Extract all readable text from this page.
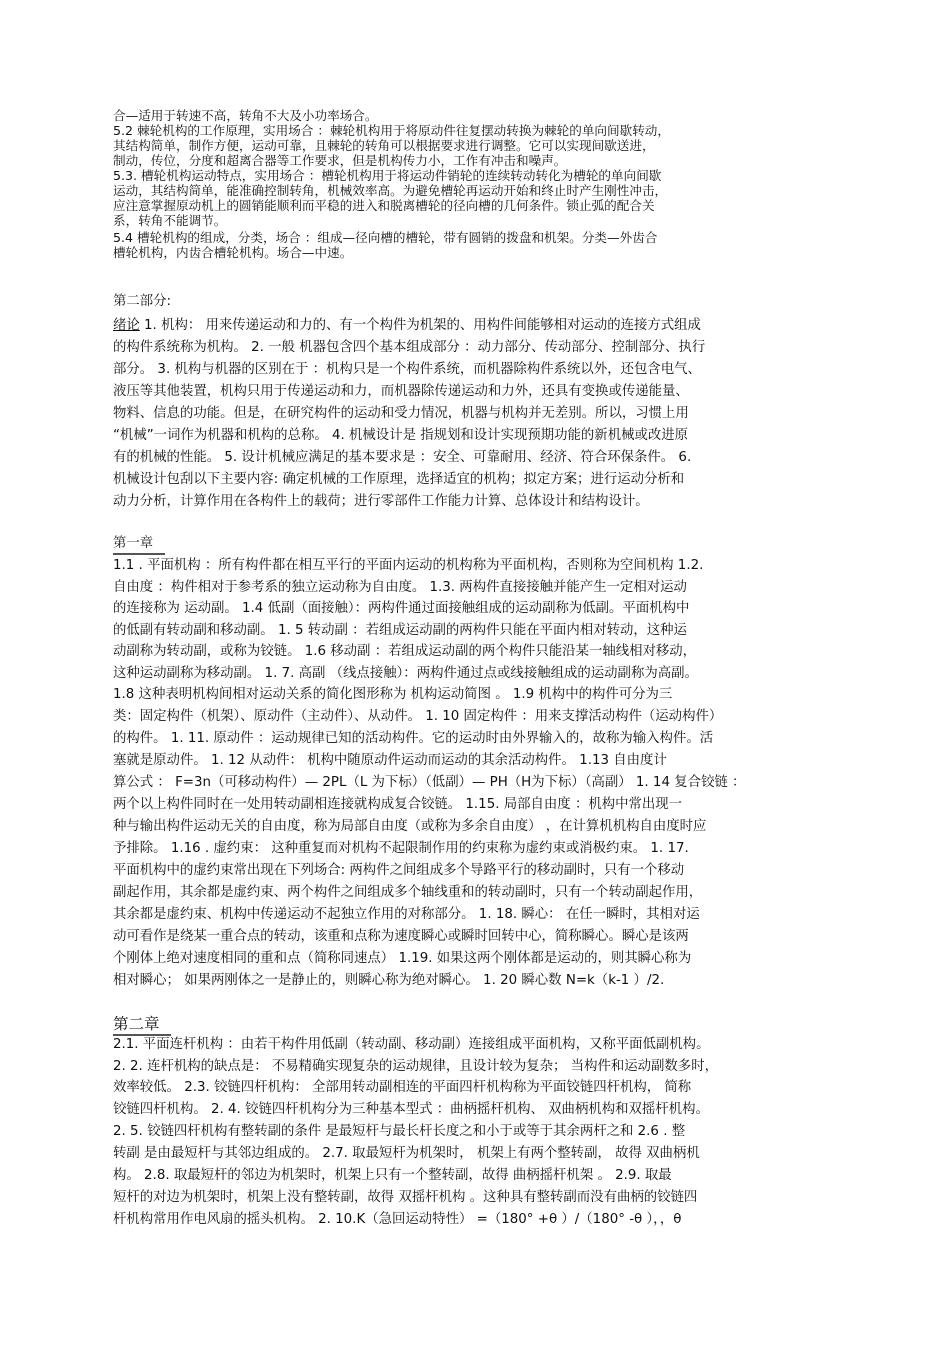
合—适用于转速不高，转角不大及小功率场合。
5.2 棘轮机构的工作原理，实用场合 ：棘轮机构用于将原动件往复摆动转换为棘轮的单向间歇转动，
其结构简单，制作方便，运动可靠，且棘轮的转角可以根据要求进行调整。它可以实现间歇送进，
制动，传位，分度和超离合器等工作要求，但是机构传力小，工作有冲击和噪声。
5.3. 槽轮机构运动特点，实用场合 ：槽轮机构用于将运动件销轮的连续转动转化为槽轮的单向间歇
运动，其结构简单，能准确控制转角，机械效率高。为避免槽轮再运动开始和终止时产生刚性冲击，
应注意掌握原动机上的圆销能顺利而平稳的进入和脱离槽轮的径向槽的几何条件。锁止弧的配合关
系，转角不能调节。
5.4 槽轮机构的组成，分类，场合 ：组成—径向槽的槽轮，带有圆销的拨盘和机架。分类—外齿合
槽轮机构，内齿合槽轮机构。场合—中速。
第二部分:
绪论 1. 机构： 用来传递运动和力的、有一个构件为机架的、用构件间能够相对运动的连接方式组成
的构件系统称为机构。 2. 一般 机器包含四个基本组成部分 ：动力部分、传动部分、控制部分、执行
部分。 3. 机构与机器的区别在于 ：机构只是一个构件系统，而机器除构件系统以外，还包含电气、
液压等其他装置，机构只用于传递运动和力，而机器除传递运动和力外，还具有变换或传递能量、
物料、信息的功能。但是，在研究构件的运动和受力情况，机器与机构并无差别。所以，习惯上用
“机械”一词作为机器和机构的总称。 4. 机械设计是 指规划和设计实现预期功能的新机械或改进原
有的机械的性能。 5. 设计机械应满足的基本要求是 ：安全、可靠耐用、经济、符合环保条件。 6.
机械设计包刮以下主要内容: 确定机械的工作原理，选择适宜的机构；拟定方案；进行运动分析和
动力分析，计算作用在各构件上的载荷；进行零部件工作能力计算、总体设计和结构设计。
第一章
1.1 . 平面机构 ：所有构件都在相互平行的平面内运动的机构称为平面机构，否则称为空间机构 1.2.
自由度 ：构件相对于参考系的独立运动称为自由度。 1.3. 两构件直接接触并能产生一定相对运动
的连接称为 运动副。 1.4 低副（面接触）：两构件通过面接触组成的运动副称为低副。平面机构中
的低副有转动副和移动副。 1. 5 转动副 ：若组成运动副的两构件只能在平面内相对转动，这种运
动副称为转动副，或称为铰链。 1.6 移动副 ：若组成运动副的两个构件只能沿某一轴线相对移动，
这种运动副称为移动副。 1. 7. 高副 （线点接触）：两构件通过点或线接触组成的运动副称为高副。
1.8 这种表明机构间相对运动关系的简化图形称为 机构运动简图 。 1.9 机构中的构件可分为三
类：固定构件（机架）、原动件（主动件）、从动件。 1. 10 固定构件 ：用来支撑活动构件（运动构件）
的构件。 1. 11. 原动件 ：运动规律已知的活动构件。它的运动时由外界输入的，故称为输入构件。活
塞就是原动件。 1. 12 从动件： 机构中随原动件运动而运动的其余活动构件。 1.13 自由度计
算公式 ： F=3n（可移动构件）— 2PL（L 为下标）（低副）— PH（H为下标）（高副） 1. 14 复合铰链 ：
两个以上构件同时在一处用转动副相连接就构成复合铰链。 1.15. 局部自由度 ：机构中常出现一
种与输出构件运动无关的自由度，称为局部自由度（或称为多余自由度） ，在计算机机构自由度时应
予排除。 1.16 . 虚约束： 这种重复而对机构不起限制作用的约束称为虚约束或消极约束。 1. 17.
平面机构中的虚约束常出现在下列场合: 两构件之间组成多个导路平行的移动副时，只有一个移动
副起作用，其余都是虚约束、两个构件之间组成多个轴线重和的转动副时，只有一个转动副起作用，
其余都是虚约束、机构中传递运动不起独立作用的对称部分。 1. 18. 瞬心： 在任一瞬时，其相对运
动可看作是绕某一重合点的转动，该重和点称为速度瞬心或瞬时回转中心，简称瞬心。瞬心是该两
个刚体上绝对速度相同的重和点（简称同速点） 1.19. 如果这两个刚体都是运动的，则其瞬心称为
相对瞬心； 如果两刚体之一是静止的，则瞬心称为绝对瞬心。 1. 20 瞬心数 N=k（k-1 ）/2.
第二章
2.1. 平面连杆机构 ：由若干构件用低副（转动副、移动副）连接组成平面机构，又称平面低副机构。
2. 2. 连杆机构的缺点是： 不易精确实现复杂的运动规律，且设计较为复杂； 当构件和运动副数多时，
效率较低。 2.3. 铰链四杆机构： 全部用转动副相连的平面四杆机构称为平面铰链四杆机构， 简称
铰链四杆机构。 2. 4. 铰链四杆机构分为三种基本型式 ：曲柄摇杆机构、 双曲柄机构和双摇杆机构。
2. 5. 铰链四杆机构有整转副的条件 是最短杆与最长杆长度之和小于或等于其余两杆之和 2.6 . 整
转副 是由最短杆与其邻边组成的。 2.7. 取最短杆为机架时， 机架上有两个整转副， 故得 双曲柄机
构。 2.8. 取最短杆的邻边为机架时，机架上只有一个整转副，故得 曲柄摇杆机架 。 2.9. 取最
短杆的对边为机架时，机架上没有整转副，故得 双摇杆机构 。这种具有整转副而没有曲柄的铰链四
杆机构常用作电风扇的摇头机构。 2. 10.K（急回运动特性） =（180° +θ ）/（180° -θ ），，θ
